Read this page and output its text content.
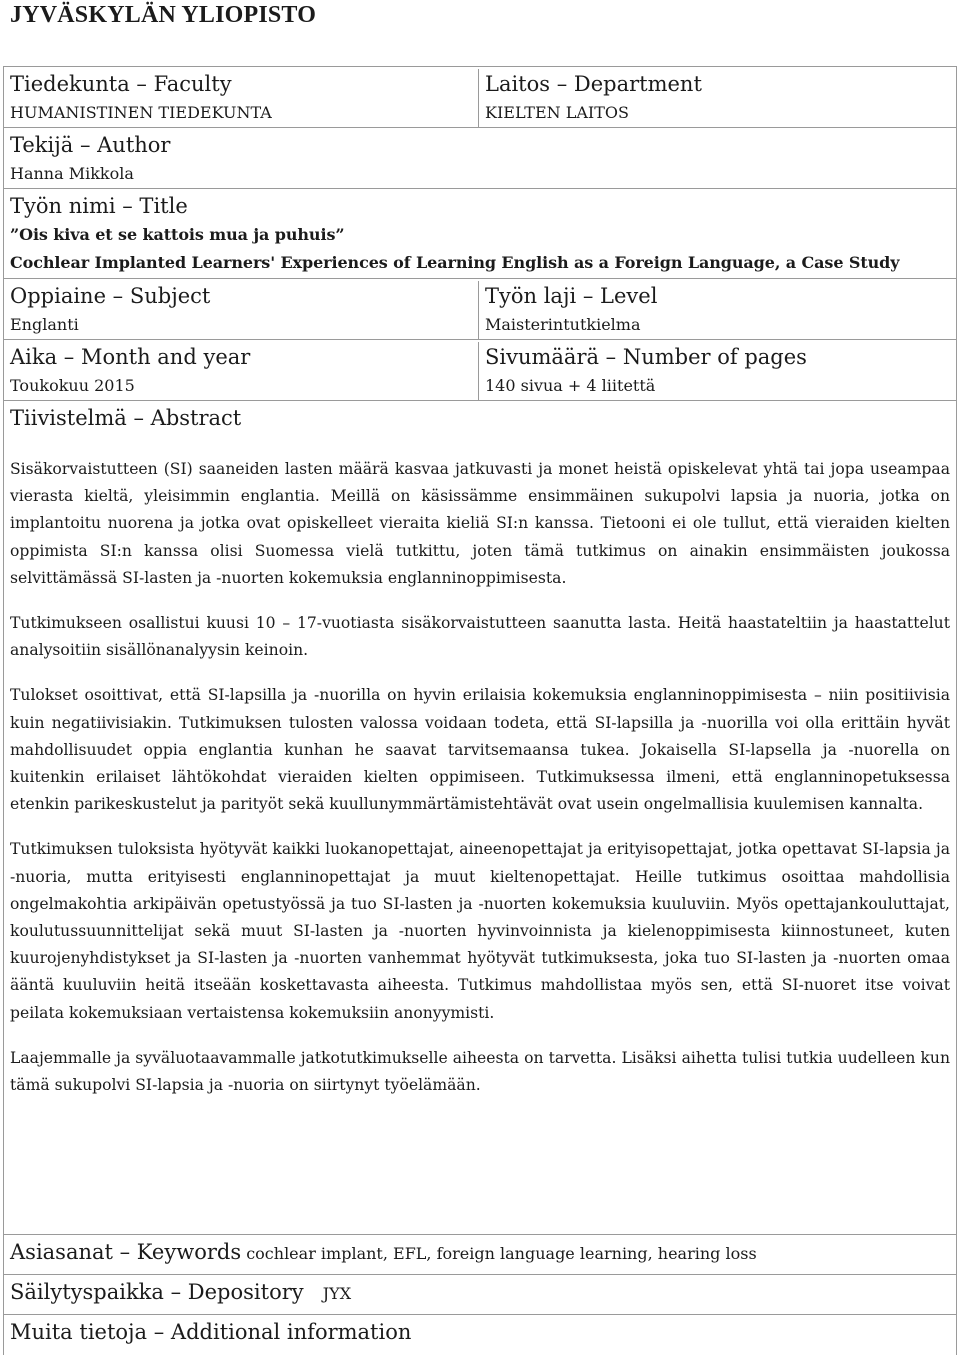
JYVÄSKYLÄN YLIOPISTO
Tiedekunta – Faculty
HUMANISTINEN TIEDEKUNTA
Laitos – Department
KIELTEN LAITOS
Tekijä – Author
Hanna Mikkola
Työn nimi – Title
”Ois kiva et se kattois mua ja puhuis”
Cochlear Implanted Learners' Experiences of Learning English as a Foreign Language, a Case Study
Oppiaine – Subject
Englanti
Työn laji – Level
Maisterintutkielma
Aika – Month and year
Toukokuu 2015
Sivumäärä – Number of pages
140 sivua + 4 liitettä
Tiivistelmä – Abstract

Sisäkorvaistutteen (SI) saaneiden lasten määrä kasvaa jatkuvasti ja monet heistä opiskelevat yhtä tai jopa useampaa vierasta kieltä, yleisimmin englantia. Meillä on käsissämme ensimmäinen sukupolvi lapsia ja nuoria, jotka on implantoitu nuorena ja jotka ovat opiskelleet vieraita kieliä SI:n kanssa. Tietooni ei ole tullut, että vieraiden kielten oppimista SI:n kanssa olisi Suomessa vielä tutkittu, joten tämä tutkimus on ainakin ensimmäisten joukossa selvittämässä SI-lasten ja -nuorten kokemuksia englanninoppimisesta.

Tutkimukseen osallistui kuusi 10 – 17-vuotiasta sisäkorvaistutteen saanutta lasta. Heitä haastateltiin ja haastattelut analysoitiin sisällönanalyysin keinoin.

Tulokset osoittivat, että SI-lapsilla ja -nuorilla on hyvin erilaisia kokemuksia englanninoppimisesta – niin positiivisia kuin negatiivisiakin. Tutkimuksen tulosten valossa voidaan todeta, että SI-lapsilla ja -nuorilla voi olla erittäin hyvät mahdollisuudet oppia englantia kunhan he saavat tarvitsemaansa tukea. Jokaisella SI-lapsella ja -nuorella on kuitenkin erilaiset lähtökohdat vieraiden kielten oppimiseen. Tutkimuksessa ilmeni, että englanninopetuksessa etenkin parikeskustelut ja parityöt sekä kuullunymmärtämistehtävät ovat usein ongelmallisia kuulemisen kannalta.

Tutkimuksen tuloksista hyötyvät kaikki luokanopettajat, aineenopettajat ja erityisopettajat, jotka opettavat SI-lapsia ja -nuoria, mutta erityisesti englanninopettajat ja muut kieltenopettajat. Heille tutkimus osoittaa mahdollisia ongelmakohtia arkipäivän opetustyössä ja tuo SI-lasten ja -nuorten kokemuksia kuuluviin. Myös opettajankouluttajat, koulutussuunnittelijat sekä muut SI-lasten ja -nuorten hyvinvoinnista ja kielenoppimisesta kiinnostuneet, kuten kuurojenyhdistykset ja SI-lasten ja -nuorten vanhemmat hyötyvät tutkimuksesta, joka tuo SI-lasten ja -nuorten omaa ääntä kuuluviin heitä itseään koskettavasta aiheesta. Tutkimus mahdollistaa myös sen, että SI-nuoret itse voivat peilata kokemuksiaan vertaistensa kokemuksiin anonyymisti.

Laajemmalle ja syväluotaavammalle jatkotutkimukselle aiheesta on tarvetta. Lisäksi aihetta tulisi tutkia uudelleen kun tämä sukupolvi SI-lapsia ja -nuoria on siirtynyt työelämään.

Asiasanat – Keywords cochlear implant, EFL, foreign language learning, hearing loss
Säilytyspaikka – Depository JYX
Muita tietoja – Additional information
